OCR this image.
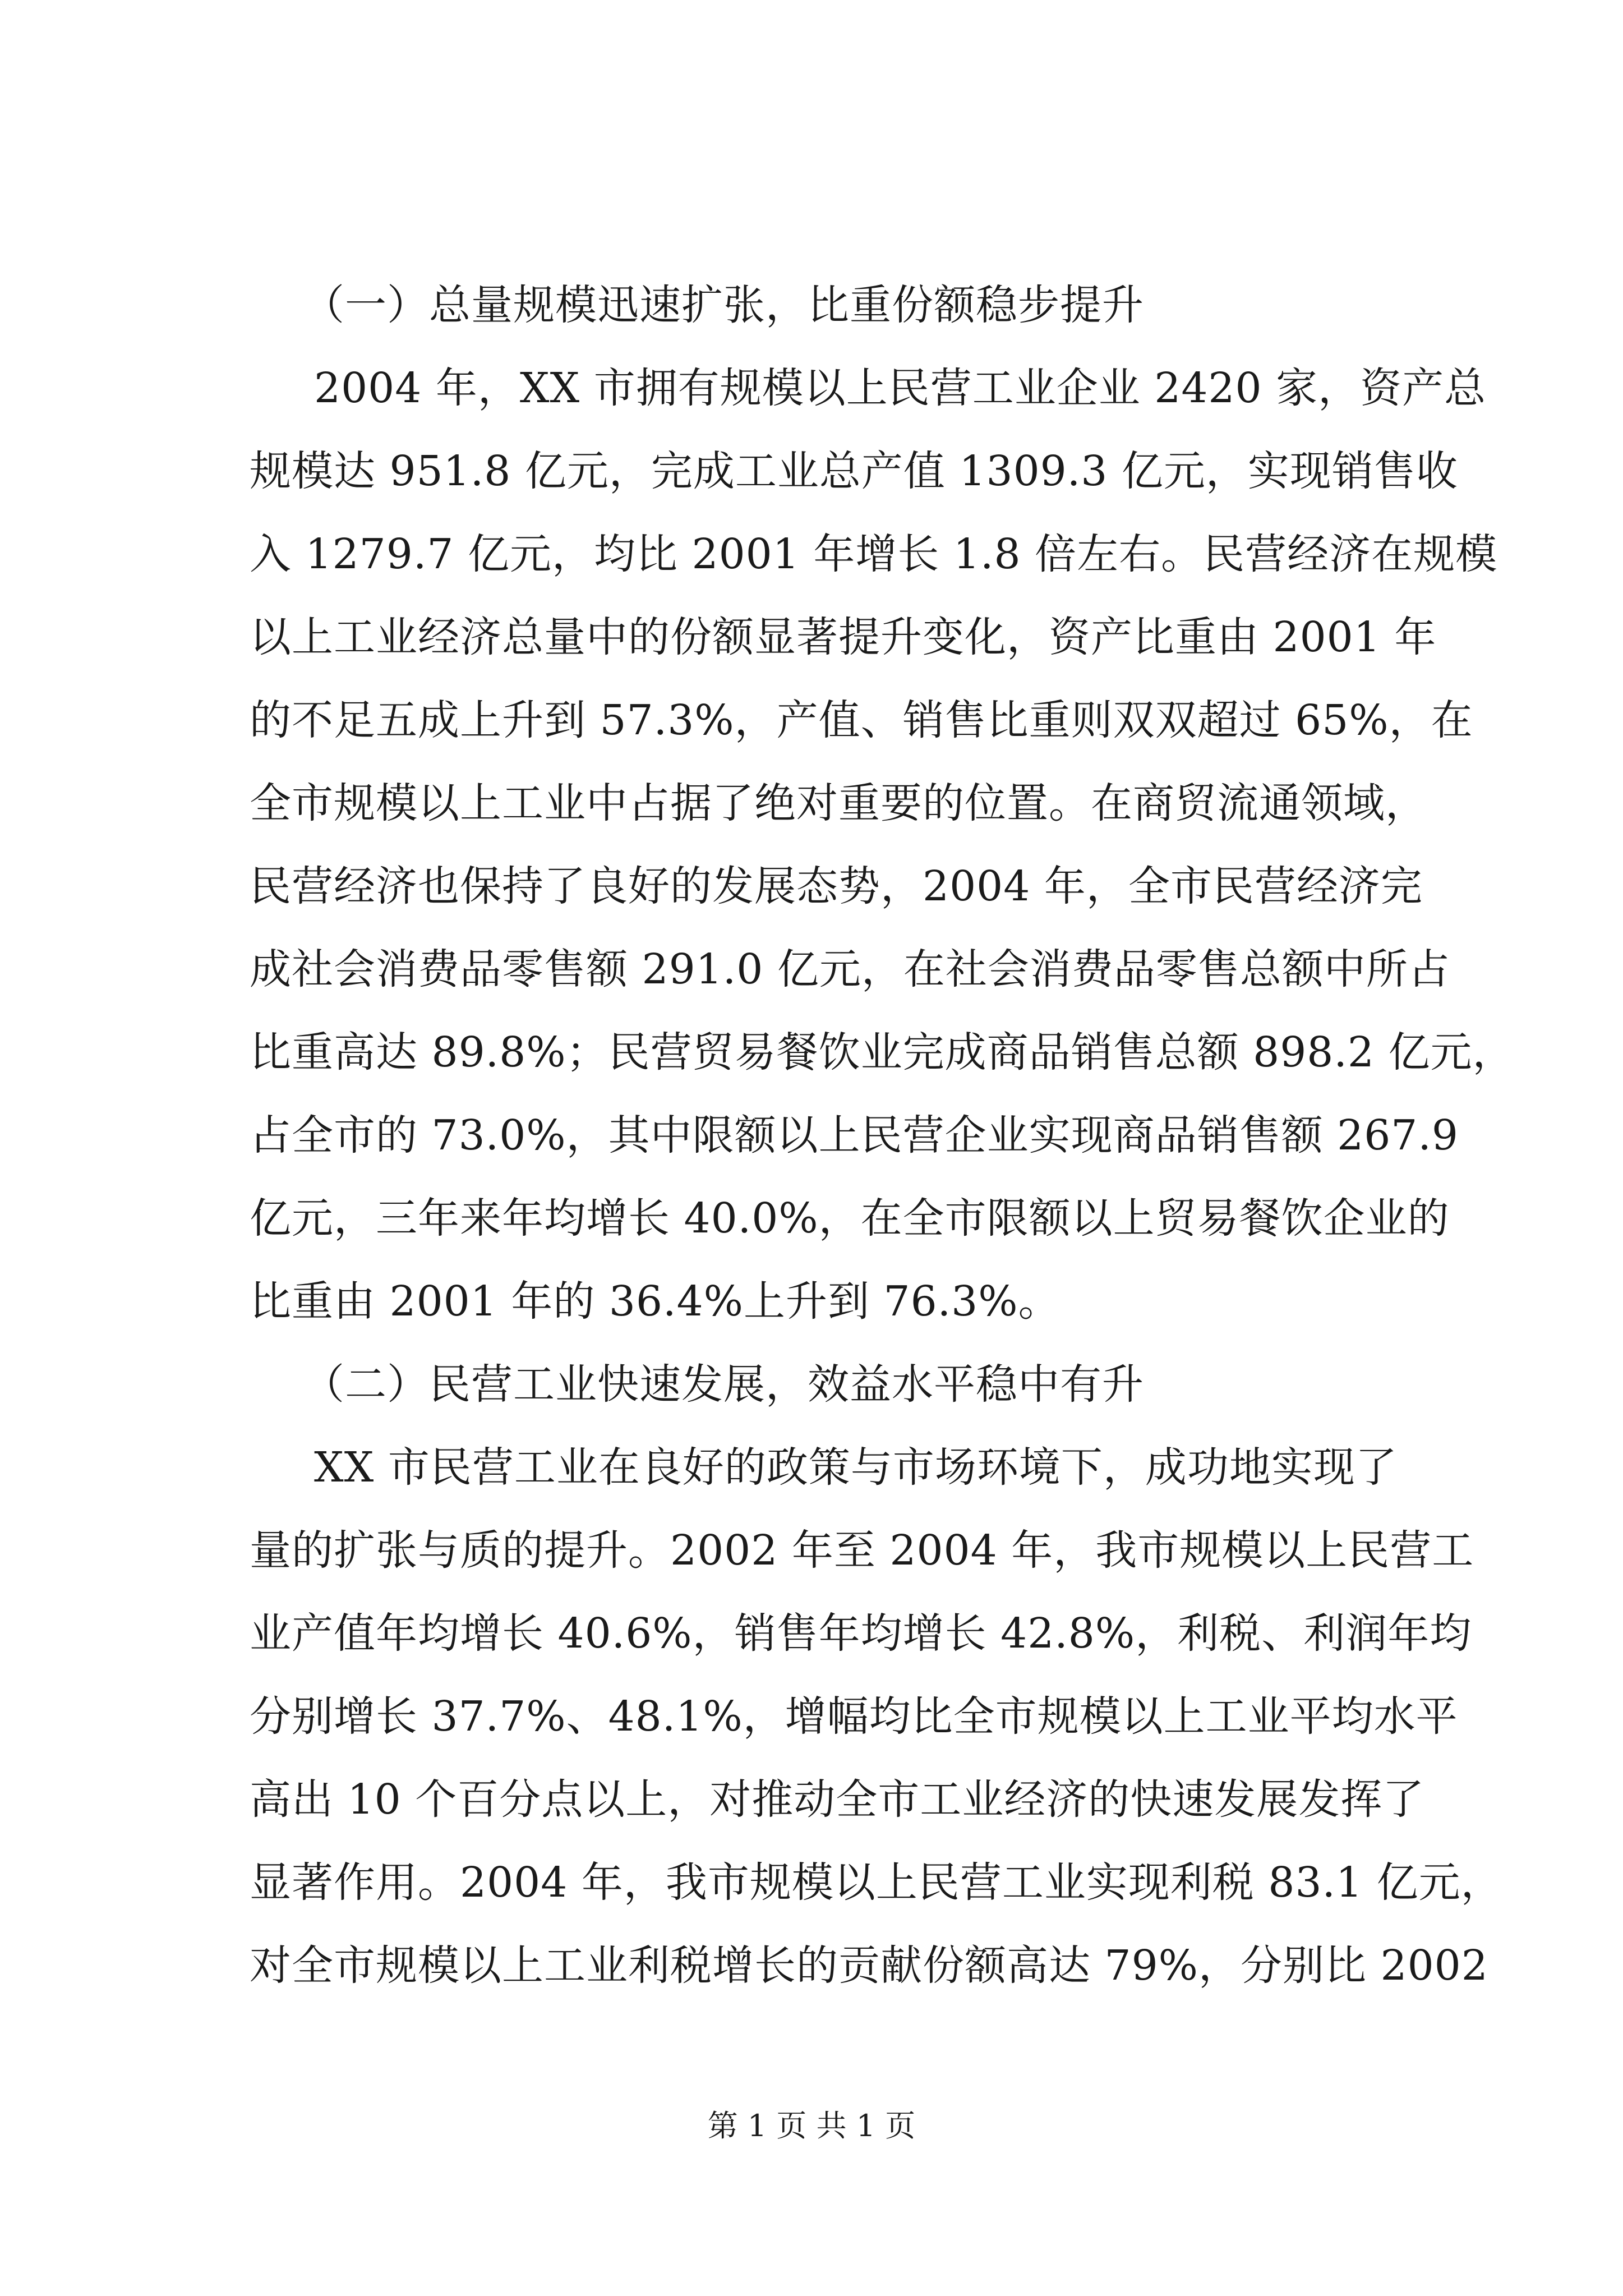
（一）总量规模迅速扩张，比重份额稳步提升
2004 年，XX 市拥有规模以上民营工业企业 2420 家，资产总
规模达 951.8 亿元，完成工业总产值 1309.3 亿元，实现销售收
入 1279.7 亿元，均比 2001 年增长 1.8 倍左右。民营经济在规模
以上工业经济总量中的份额显著提升变化，资产比重由 2001 年
的不足五成上升到 57.3%，产值、销售比重则双双超过 65%，在
全市规模以上工业中占据了绝对重要的位置。在商贸流通领域，
民营经济也保持了良好的发展态势，2004 年，全市民营经济完
成社会消费品零售额 291.0 亿元，在社会消费品零售总额中所占
比重高达 89.8%；民营贸易餐饮业完成商品销售总额 898.2 亿元，
占全市的 73.0%，其中限额以上民营企业实现商品销售额 267.9
亿元，三年来年均增长 40.0%，在全市限额以上贸易餐饮企业的
比重由 2001 年的 36.4%上升到 76.3%。
（二）民营工业快速发展，效益水平稳中有升
XX 市民营工业在良好的政策与市场环境下，成功地实现了
量的扩张与质的提升。2002 年至 2004 年，我市规模以上民营工
业产值年均增长 40.6%，销售年均增长 42.8%，利税、利润年均
分别增长 37.7%、48.1%，增幅均比全市规模以上工业平均水平
高出 10 个百分点以上，对推动全市工业经济的快速发展发挥了
显著作用。2004 年，我市规模以上民营工业实现利税 83.1 亿元，
对全市规模以上工业利税增长的贡献份额高达 79%，分别比 2002
第 1 页 共 1 页
